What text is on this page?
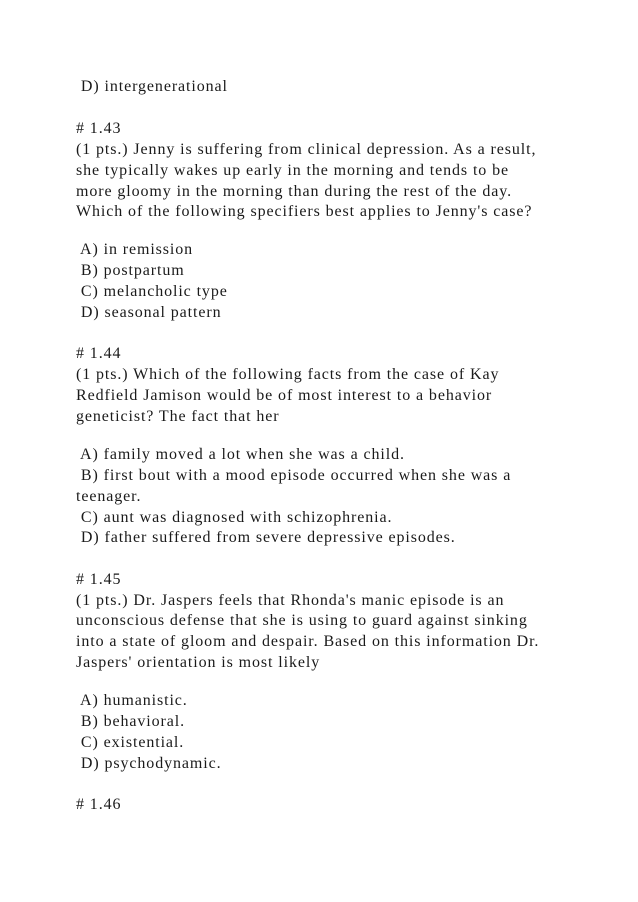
D) intergenerational
# 1.43
(1 pts.) Jenny is suffering from clinical depression. As a result,
she typically wakes up early in the morning and tends to be
more gloomy in the morning than during the rest of the day.
Which of the following specifiers best applies to Jenny's case?
A) in remission
B) postpartum
C) melancholic type
D) seasonal pattern
# 1.44
(1 pts.) Which of the following facts from the case of Kay
Redfield Jamison would be of most interest to a behavior
geneticist? The fact that her
A) family moved a lot when she was a child.
B) first bout with a mood episode occurred when she was a
teenager.
C) aunt was diagnosed with schizophrenia.
D) father suffered from severe depressive episodes.
# 1.45
(1 pts.) Dr. Jaspers feels that Rhonda's manic episode is an
unconscious defense that she is using to guard against sinking
into a state of gloom and despair. Based on this information Dr.
Jaspers' orientation is most likely
A) humanistic.
B) behavioral.
C) existential.
D) psychodynamic.
# 1.46
